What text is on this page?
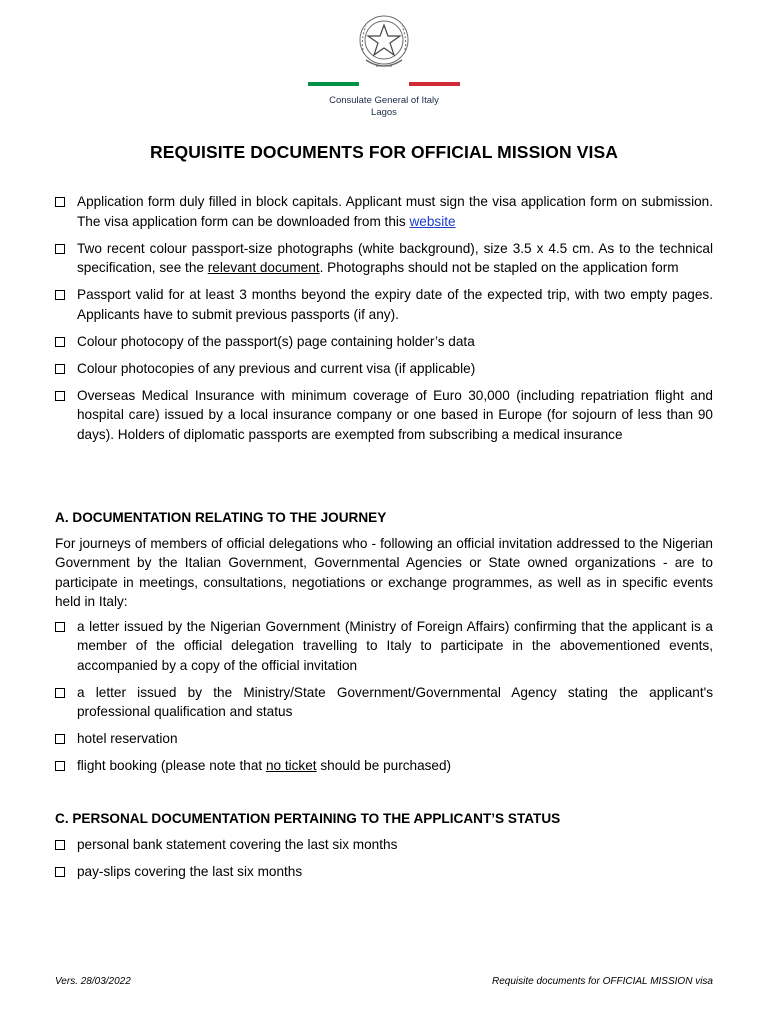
Consulate General of Italy
Lagos
REQUISITE DOCUMENTS FOR OFFICIAL MISSION VISA
Application form duly filled in block capitals. Applicant must sign the visa application form on submission. The visa application form can be downloaded from this website
Two recent colour passport-size photographs (white background), size 3.5 x 4.5 cm. As to the technical specification, see the relevant document. Photographs should not be stapled on the application form
Passport valid for at least 3 months beyond the expiry date of the expected trip, with two empty pages. Applicants have to submit previous passports (if any).
Colour photocopy of the passport(s) page containing holder’s data
Colour photocopies of any previous and current visa (if applicable)
Overseas Medical Insurance with minimum coverage of Euro 30,000 (including repatriation flight and hospital care) issued by a local insurance company or one based in Europe (for sojourn of less than 90 days). Holders of diplomatic passports are exempted from subscribing a medical insurance
A. DOCUMENTATION RELATING TO THE JOURNEY
For journeys of members of official delegations who - following an official invitation addressed to the Nigerian Government by the Italian Government, Governmental Agencies or State owned organizations - are to participate in meetings, consultations, negotiations or exchange programmes, as well as in specific events held in Italy:
a letter issued by the Nigerian Government (Ministry of Foreign Affairs) confirming that the applicant is a member of the official delegation travelling to Italy to participate in the abovementioned events, accompanied by a copy of the official invitation
a letter issued by the Ministry/State Government/Governmental Agency stating the applicant's professional qualification and status
hotel reservation
flight booking (please note that no ticket should be purchased)
C. PERSONAL DOCUMENTATION PERTAINING TO THE APPLICANT’S STATUS
personal bank statement covering the last six months
pay-slips covering the last six months
Vers. 28/03/2022	Requisite documents for OFFICIAL MISSION visa
